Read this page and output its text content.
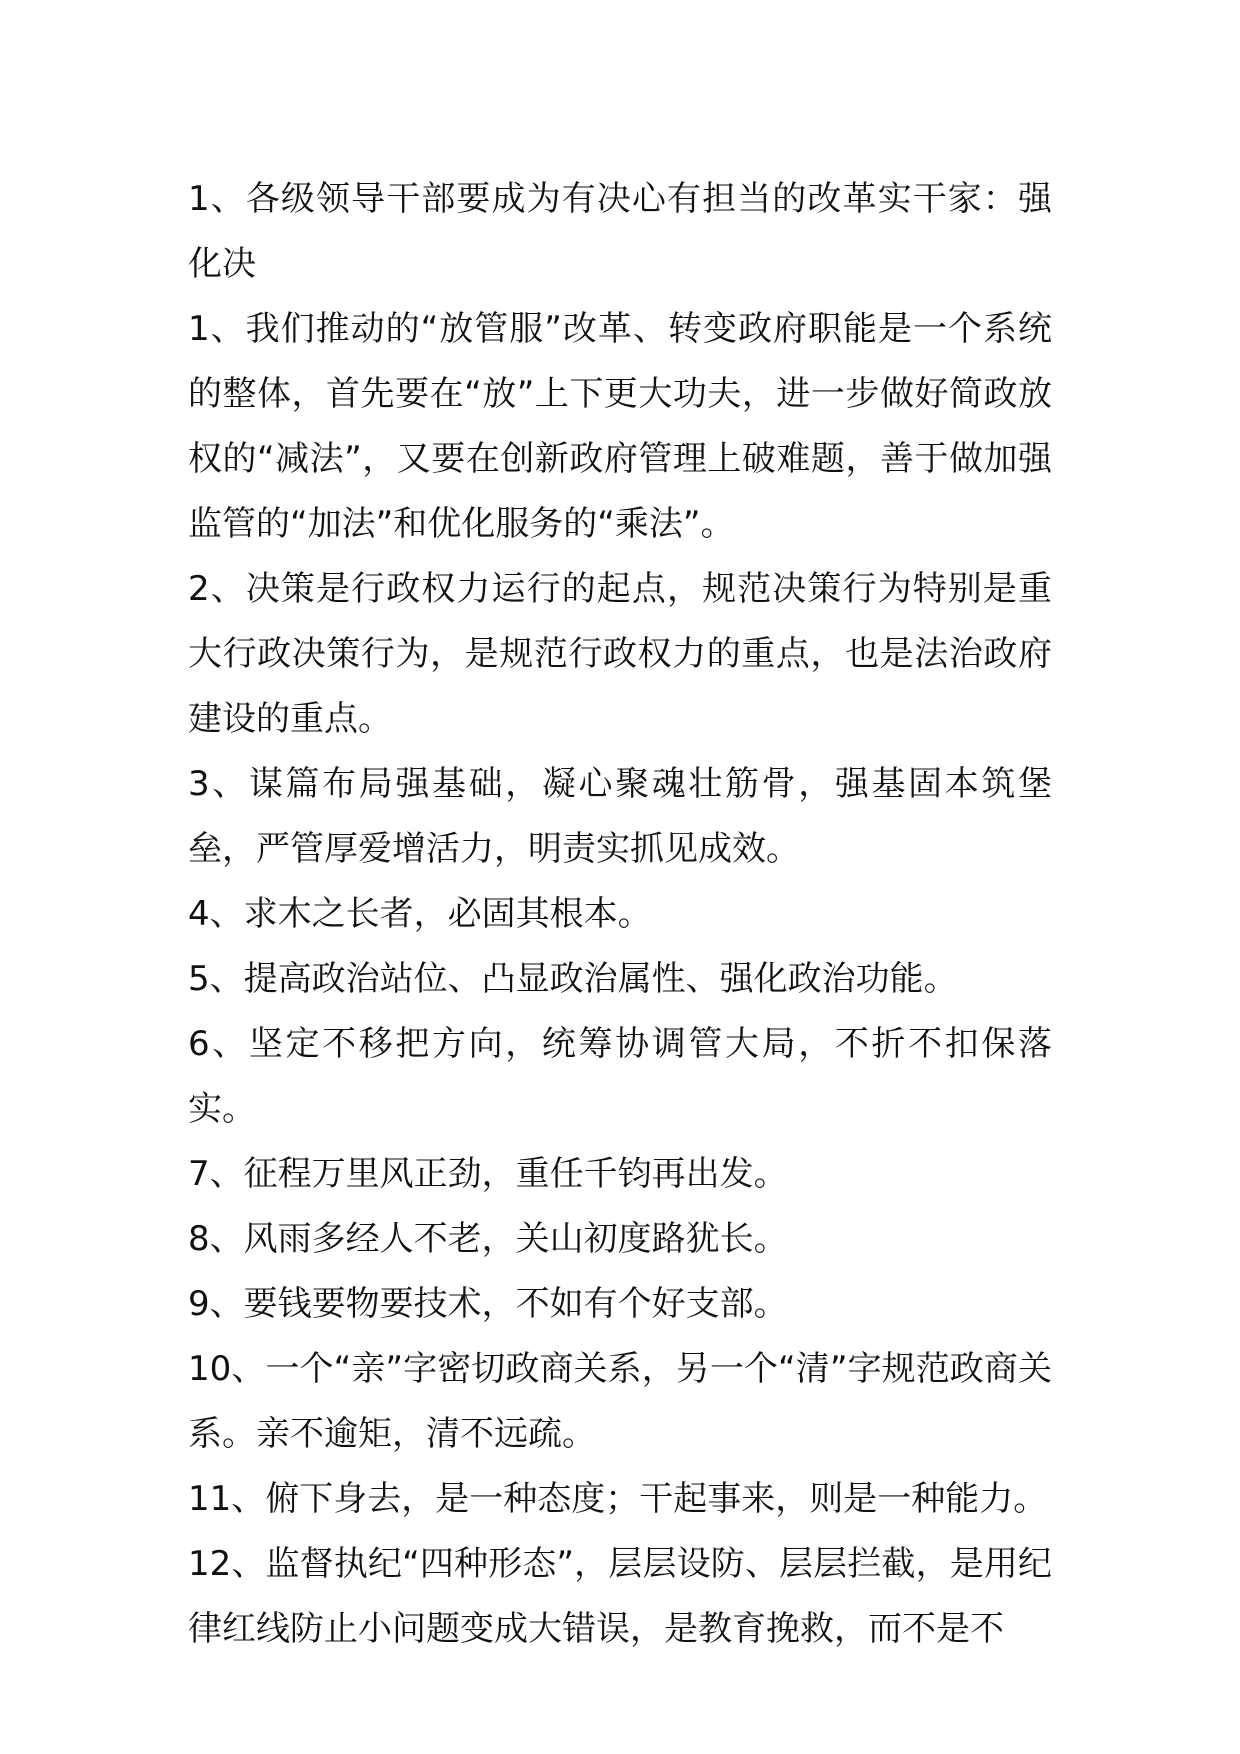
1、各级领导干部要成为有决心有担当的改革实干家：强化决

1、我们推动的“放管服”改革、转变政府职能是一个系统的整体，首先要在“放”上下更大功夫，进一步做好简政放权的“减法”，又要在创新政府管理上破难题，善于做加强监管的“加法”和优化服务的“乘法”。

2、决策是行政权力运行的起点，规范决策行为特别是重大行政决策行为，是规范行政权力的重点，也是法治政府建设的重点。

3、谋篇布局强基础，凝心聚魂壮筋骨，强基固本筑堡垒，严管厚爱增活力，明责实抓见成效。

4、求木之长者，必固其根本。

5、提高政治站位、凸显政治属性、强化政治功能。

6、坚定不移把方向，统筹协调管大局，不折不扣保落实。

7、征程万里风正劲，重任千钧再出发。

8、风雨多经人不老，关山初度路犹长。

9、要钱要物要技术，不如有个好支部。

10、一个“亲”字密切政商关系，另一个“清”字规范政商关系。亲不逾矩，清不远疏。

11、俯下身去，是一种态度；干起事来，则是一种能力。

12、监督执纪“四种形态”，层层设防、层层拦截，是用纪律红线防止小问题变成大错误，是教育挽救，而不是不
